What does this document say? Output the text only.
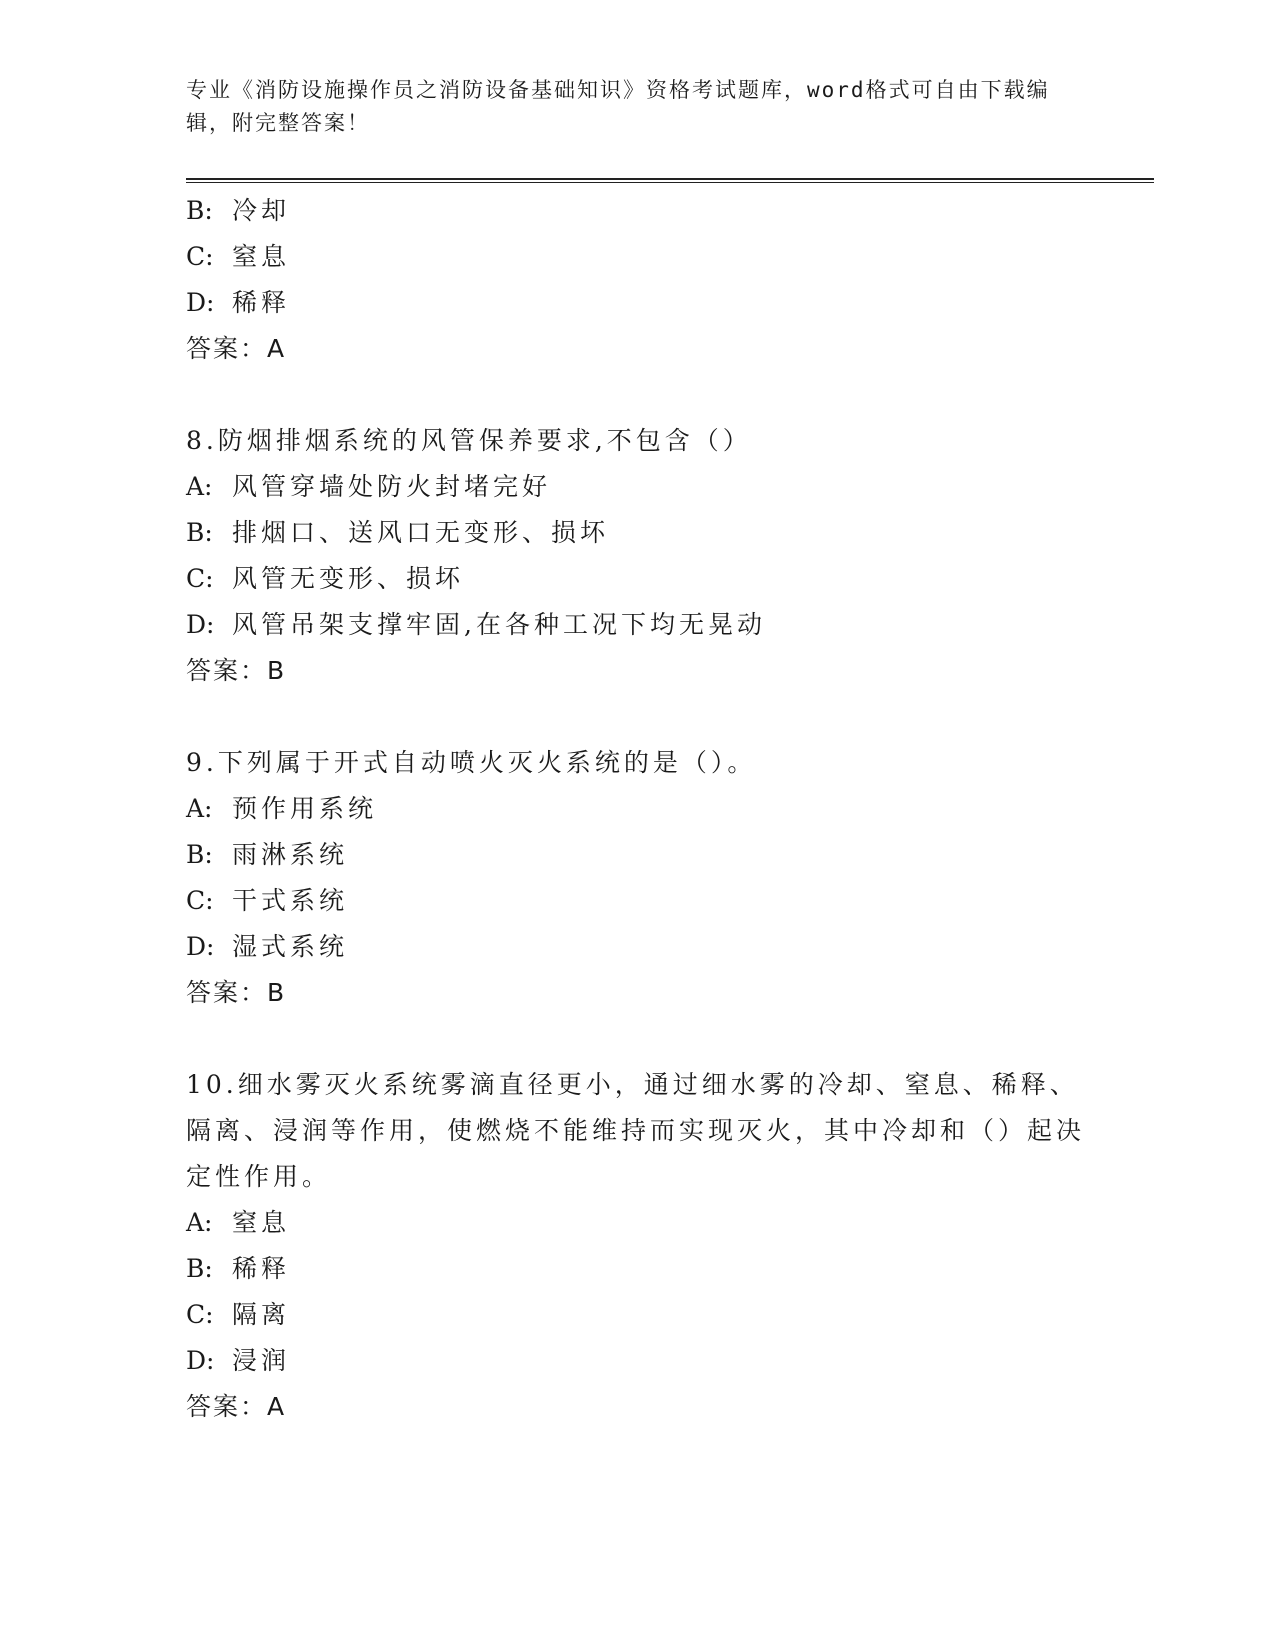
专业《消防设施操作员之消防设备基础知识》资格考试题库，word格式可自由下载编辑，附完整答案！
B: 冷却
C: 窒息
D: 稀释
答案：A
8.防烟排烟系统的风管保养要求,不包含（）
A: 风管穿墙处防火封堵完好
B: 排烟口、送风口无变形、损坏
C: 风管无变形、损坏
D: 风管吊架支撑牢固,在各种工况下均无晃动
答案：B
9.下列属于开式自动喷火灭火系统的是（）。
A: 预作用系统
B: 雨淋系统
C: 干式系统
D: 湿式系统
答案：B
10.细水雾灭火系统雾滴直径更小，通过细水雾的冷却、窒息、稀释、隔离、浸润等作用，使燃烧不能维持而实现灭火，其中冷却和（）起决定性作用。
A: 窒息
B: 稀释
C: 隔离
D: 浸润
答案：A
